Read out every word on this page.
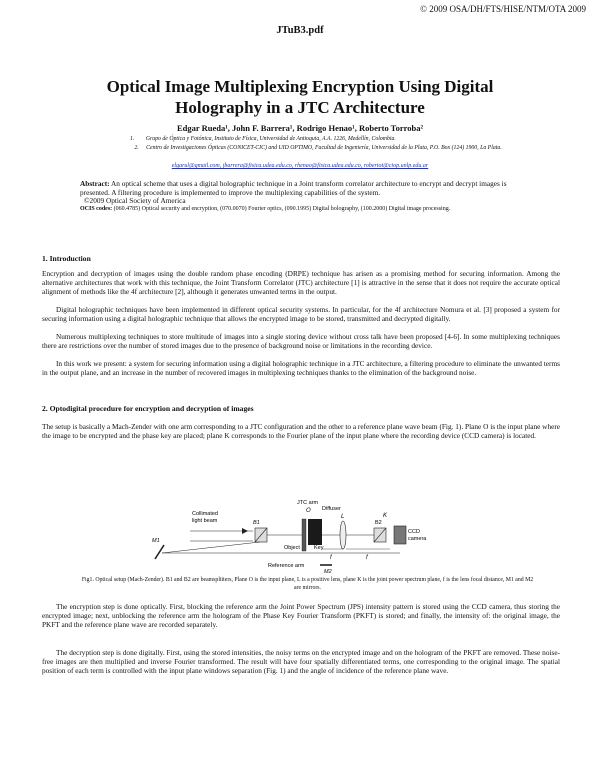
© 2009 OSA/DH/FTS/HISE/NTM/OTA 2009
JTuB3.pdf
Optical Image Multiplexing Encryption Using Digital
Holography in a JTC Architecture
Edgar Rueda¹, John F. Barrera¹, Rodrigo Henao¹, Roberto Torroba²
1. Grupo de Óptica y Fotónica, Instituto de Física, Universidad de Antioquia, A.A. 1226, Medellín, Colombia.
2. Centro de Investigaciones Ópticas (CONICET-CIC) and UID OPTIMO, Facultad de Ingeniería, Universidad de la Plata, P.O. Box (124) 1900, La Plata.
elgarul@gmail.com, jbarrera@fisica.udea.edu.co, rhenao@fisica.udea.edu.co, robertot@ciop.unlp.edu.ar
Abstract: An optical scheme that uses a digital holographic technique in a Joint transform correlator architecture to encrypt and decrypt images is presented. A filtering procedure is implemented to improve the multiplexing capabilities of the system.
©2009 Optical Society of America
OCIS codes: (060.4785) Optical security and encryption, (070.0070) Fourier optics, (090.1995) Digital holography, (100.2000) Digital image processing.
1. Introduction
Encryption and decryption of images using the double random phase encoding (DRPE) technique has arisen as a promising method for securing information. Among the alternative architectures that work with this technique, the Joint Transform Correlator (JTC) architecture [1] is attractive in the sense that it does not require the accurate optical alignment of methods like the 4f architecture [2], although it generates unwanted terms in the output.
Digital holographic techniques have been implemented in different optical security systems. In particular, for the 4f architecture Nomura et al. [3] proposed a system for securing information using a digital holographic technique that allows the encrypted image to be stored, transmitted and decrypted digitally.
Numerous multiplexing techniques to store multitude of images into a single storing device without cross talk have been proposed [4-6]. In some multiplexing techniques there are restrictions over the number of stored images due to the presence of background noise or limitations in the recording device.
In this work we present: a system for securing information using a digital holographic technique in a JTC architecture, a filtering procedure to eliminate the unwanted terms in the output plane, and an increase in the number of recovered images in multiplexing techniques thanks to the elimination of the background noise.
2. Optodigital procedure for encryption and decryption of images
The setup is basically a Mach-Zender with one arm corresponding to a JTC configuration and the other to a reference plane wave beam (Fig. 1). Plane O is the input plane where the image to be encrypted and the phase key are placed; plane K corresponds to the Fourier plane of the input plane where the recording device (CCD camera) is located.
JTC arm
O Diffuser
L
B2
CCD
camera
K
Collimated
light beam	B1
M1
Object	Key
f	f
M2
Reference arm
Fig1. Optical setup (Mach-Zender). B1 and B2 are beamsplitters, Plane O is the input plane, L is a positive lens, plane K is the joint power spectrum plane, f is the lens focal distance, M1 and M2 are mirrors.
The encryption step is done optically. First, blocking the reference arm the Joint Power Spectrum (JPS) intensity pattern is stored using the CCD camera, thus storing the encrypted image; next, unblocking the reference arm the hologram of the Phase Key Fourier Transform (PKFT) is stored; and finally, the intensity of: the original image, the PKFT and the reference plane wave are recorded separately.
The decryption step is done digitally. First, using the stored intensities, the noisy terms on the encrypted image and on the hologram of the PKFT are removed. These noise-free images are then multiplied and inverse Fourier transformed. The result will have four spatially differentiated terms, one corresponding to the original image. The spatial position of each term is controlled with the input plane windows separation (Fig. 1) and the angle of incidence of the reference plane wave.
